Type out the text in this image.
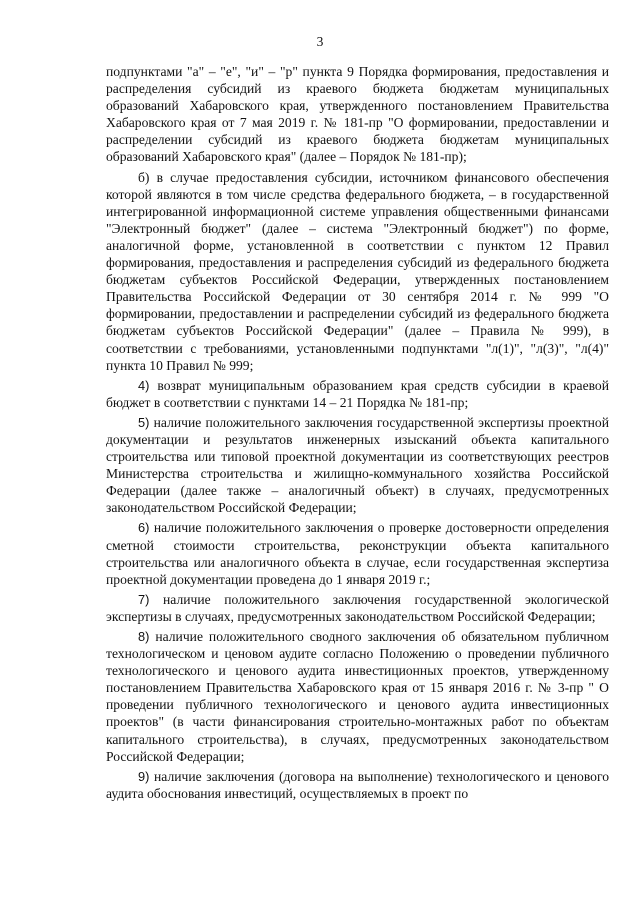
3

подпунктами "а" – "е", "и" – "р" пункта 9 Порядка формирования, предоставления и распределения субсидий из краевого бюджета бюджетам муниципальных образований Хабаровского края, утвержденного постановлением Правительства Хабаровского края от 7 мая 2019 г. № 181-пр "О формировании, предоставлении и распределении субсидий из краевого бюджета бюджетам муниципальных образований Хабаровского края" (далее – Порядок № 181-пр);

б) в случае предоставления субсидии, источником финансового обеспечения которой являются в том числе средства федерального бюджета, – в государственной интегрированной информационной системе управления общественными финансами "Электронный бюджет" (далее – система "Электронный бюджет") по форме, аналогичной форме, установленной в соответствии с пунктом 12 Правил формирования, предоставления и распределения субсидий из федерального бюджета бюджетам субъектов Российской Федерации, утвержденных постановлением Правительства Российской Федерации от 30 сентября 2014 г. № 999 "О формировании, предоставлении и распределении субсидий из федерального бюджета бюджетам субъектов Российской Федерации" (далее – Правила № 999), в соответствии с требованиями, установленными подпунктами "л(1)", "л(3)", "л(4)" пункта 10 Правил № 999;

4) возврат муниципальным образованием края средств субсидии в краевой бюджет в соответствии с пунктами 14 – 21 Порядка № 181-пр;

5) наличие положительного заключения государственной экспертизы проектной документации и результатов инженерных изысканий объекта капитального строительства или типовой проектной документации из соответствующих реестров Министерства строительства и жилищно-коммунального хозяйства Российской Федерации (далее также – аналогичный объект) в случаях, предусмотренных законодательством Российской Федерации;

6) наличие положительного заключения о проверке достоверности определения сметной стоимости строительства, реконструкции объекта капитального строительства или аналогичного объекта в случае, если государственная экспертиза проектной документации проведена до 1 января 2019 г.;

7) наличие положительного заключения государственной экологической экспертизы в случаях, предусмотренных законодательством Российской Федерации;

8) наличие положительного сводного заключения об обязательном публичном технологическом и ценовом аудите согласно Положению о проведении публичного технологического и ценового аудита инвестиционных проектов, утвержденному постановлением Правительства Хабаровского края от 15 января 2016 г. № 3-пр " О проведении публичного технологического и ценового аудита инвестиционных проектов" (в части финансирования строительно-монтажных работ по объектам капитального строительства), в случаях, предусмотренных законодательством Российской Федерации;

9) наличие заключения (договора на выполнение) технологического и ценового аудита обоснования инвестиций, осуществляемых в проект по
